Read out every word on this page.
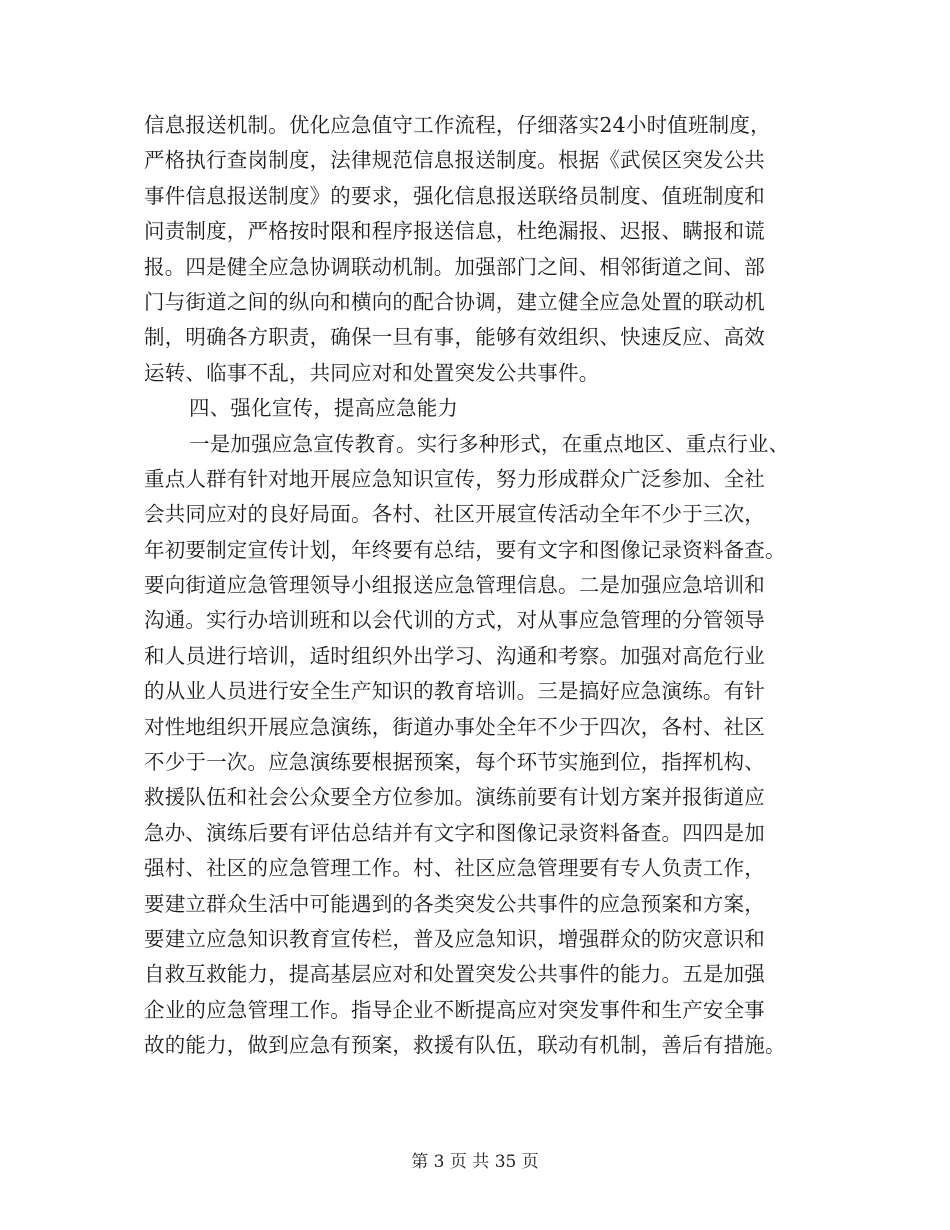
信息报送机制。优化应急值守工作流程，仔细落实24小时值班制度，
严格执行查岗制度，法律规范信息报送制度。根据《武侯区突发公共
事件信息报送制度》的要求，强化信息报送联络员制度、值班制度和
问责制度，严格按时限和程序报送信息，杜绝漏报、迟报、瞒报和谎
报。四是健全应急协调联动机制。加强部门之间、相邻街道之间、部
门与街道之间的纵向和横向的配合协调，建立健全应急处置的联动机
制，明确各方职责，确保一旦有事，能够有效组织、快速反应、高效
运转、临事不乱，共同应对和处置突发公共事件。
四、强化宣传，提高应急能力
一是加强应急宣传教育。实行多种形式，在重点地区、重点行业、
重点人群有针对地开展应急知识宣传，努力形成群众广泛参加、全社
会共同应对的良好局面。各村、社区开展宣传活动全年不少于三次，
年初要制定宣传计划，年终要有总结，要有文字和图像记录资料备查。
要向街道应急管理领导小组报送应急管理信息。二是加强应急培训和
沟通。实行办培训班和以会代训的方式，对从事应急管理的分管领导
和人员进行培训，适时组织外出学习、沟通和考察。加强对高危行业
的从业人员进行安全生产知识的教育培训。三是搞好应急演练。有针
对性地组织开展应急演练，街道办事处全年不少于四次，各村、社区
不少于一次。应急演练要根据预案，每个环节实施到位，指挥机构、
救援队伍和社会公众要全方位参加。演练前要有计划方案并报街道应
急办、演练后要有评估总结并有文字和图像记录资料备查。四四是加
强村、社区的应急管理工作。村、社区应急管理要有专人负责工作，
要建立群众生活中可能遇到的各类突发公共事件的应急预案和方案，
要建立应急知识教育宣传栏，普及应急知识，增强群众的防灾意识和
自救互救能力，提高基层应对和处置突发公共事件的能力。五是加强
企业的应急管理工作。指导企业不断提高应对突发事件和生产安全事
故的能力，做到应急有预案，救援有队伍，联动有机制，善后有措施。
第 3 页 共 35 页
